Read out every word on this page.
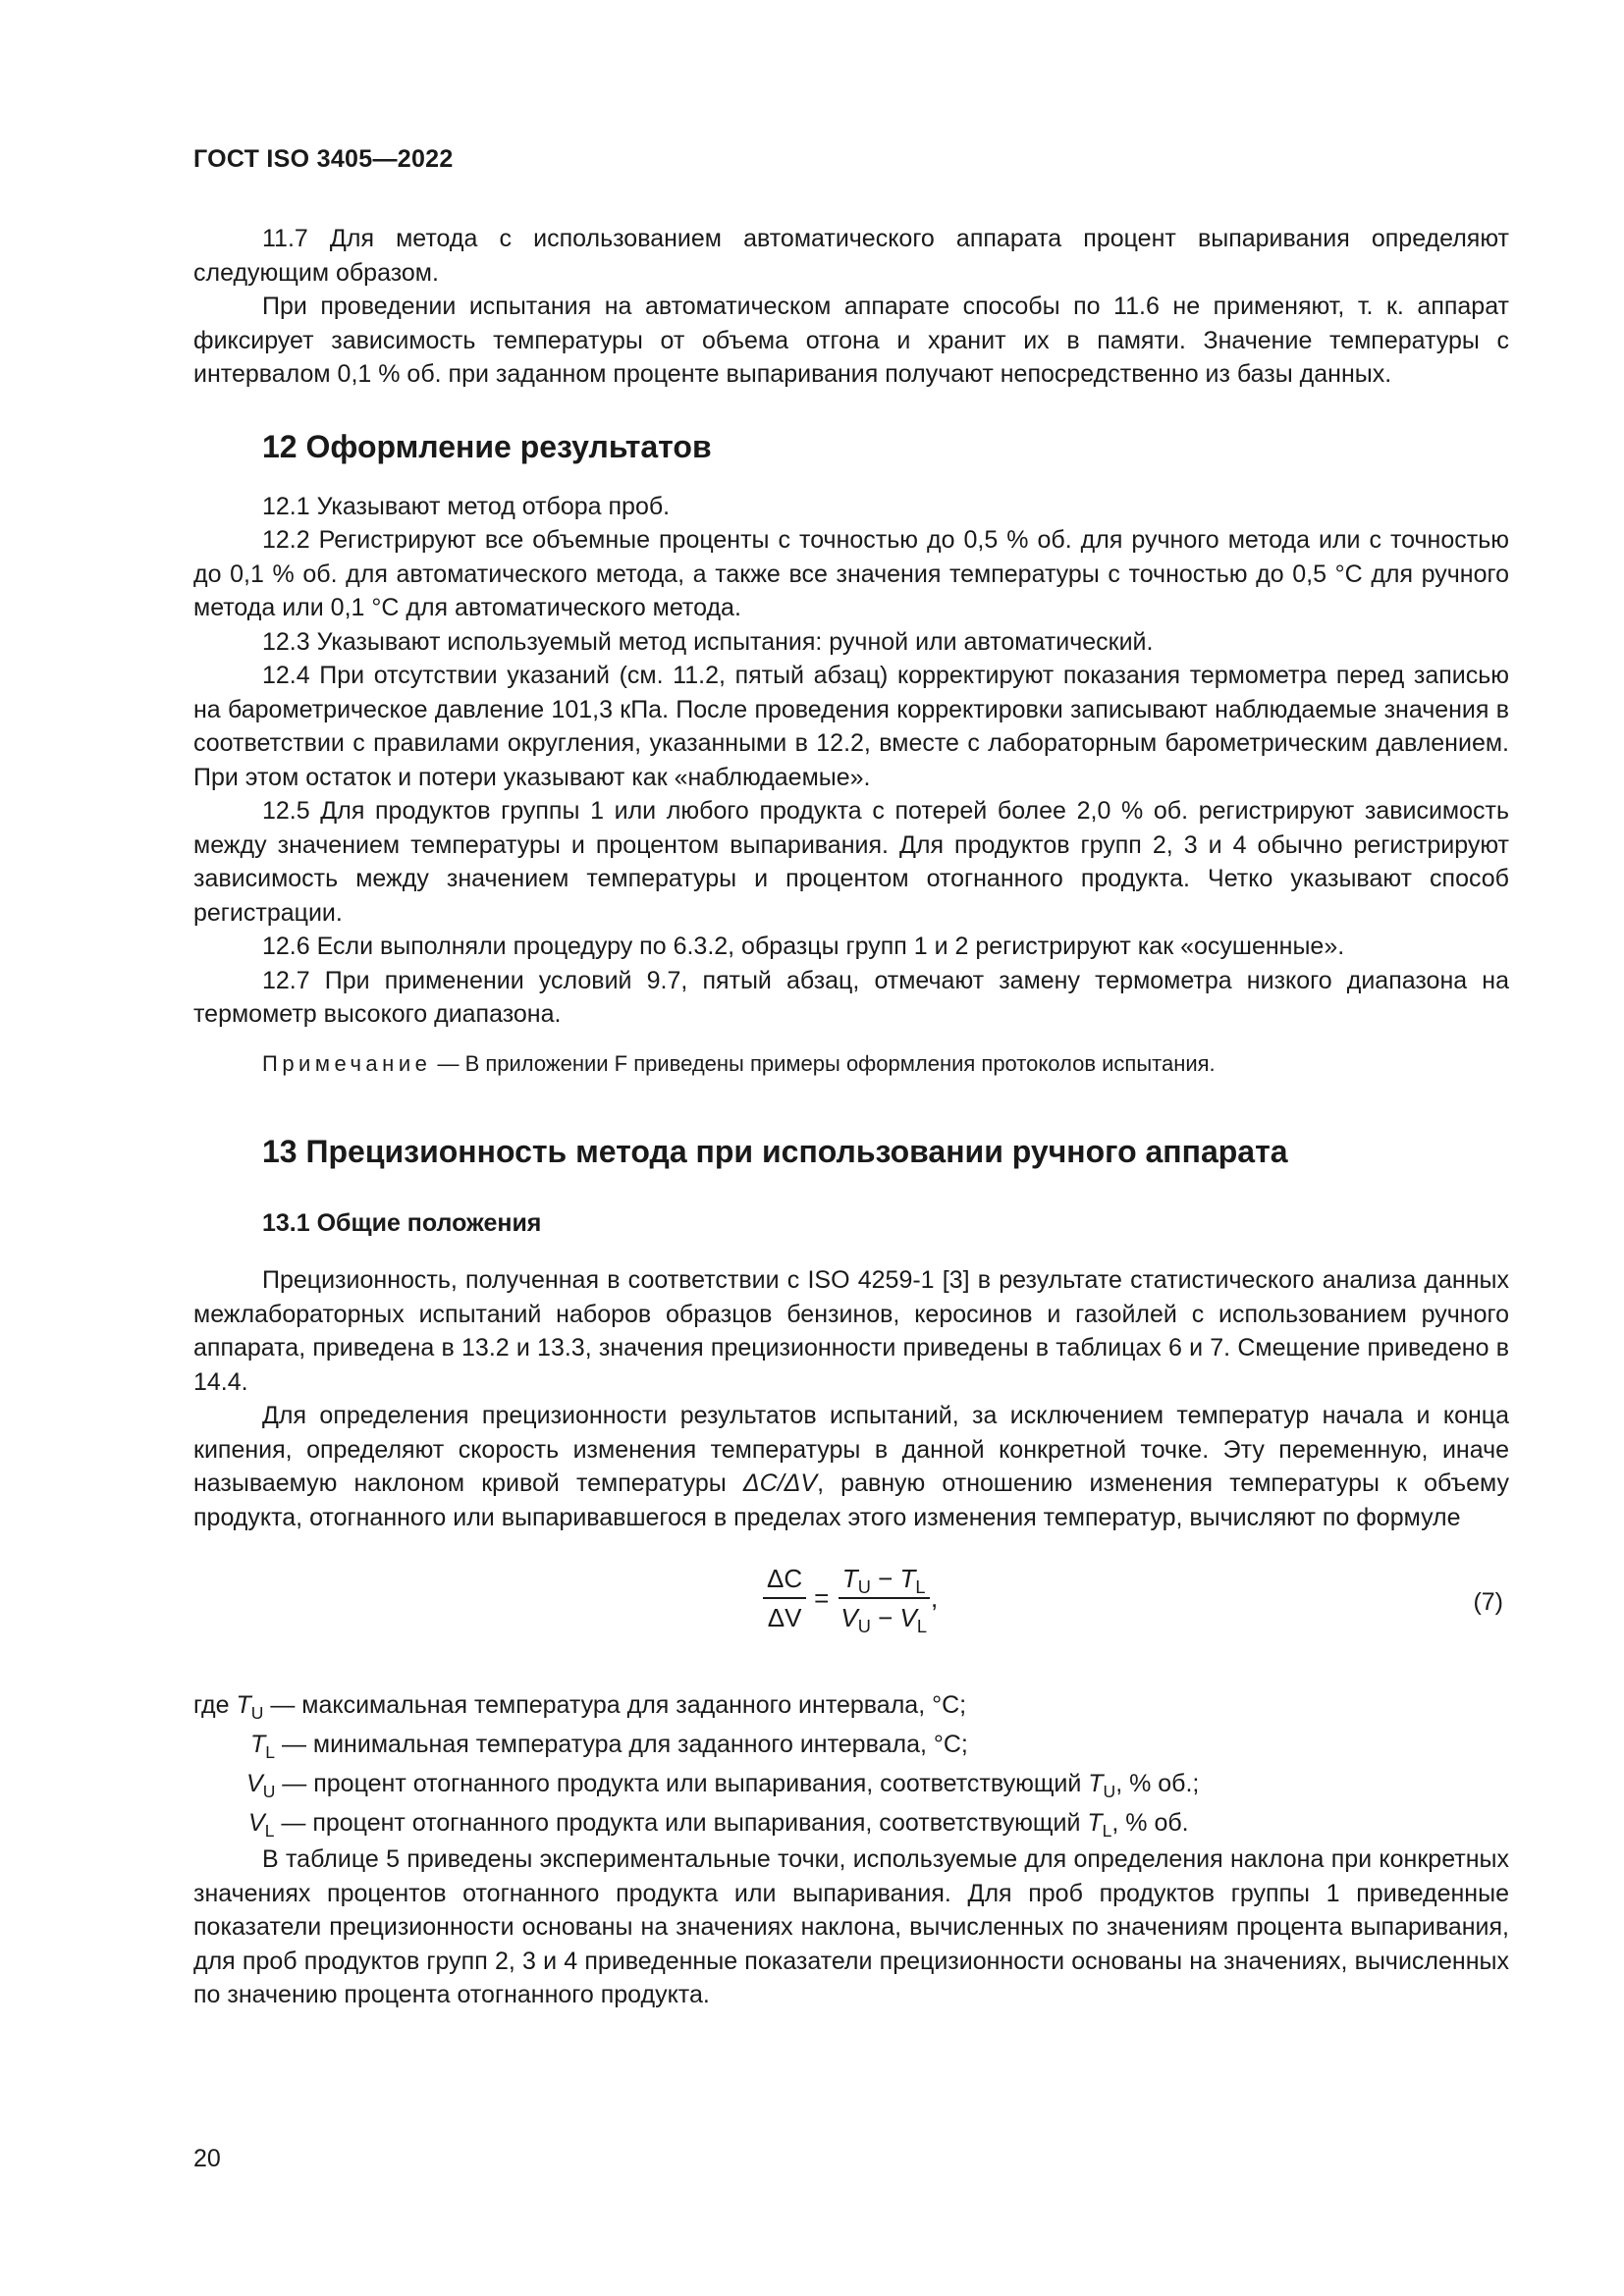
ГОСТ ISO 3405—2022

11.7 Для метода с использованием автоматического аппарата процент выпаривания определяют следующим образом.

При проведении испытания на автоматическом аппарате способы по 11.6 не применяют, т. к. аппарат фиксирует зависимость температуры от объема отгона и хранит их в памяти. Значение температуры с интервалом 0,1 % об. при заданном проценте выпаривания получают непосредственно из базы данных.

12 Оформление результатов

12.1 Указывают метод отбора проб.

12.2 Регистрируют все объемные проценты с точностью до 0,5 % об. для ручного метода или с точностью до 0,1 % об. для автоматического метода, а также все значения температуры с точностью до 0,5 °С для ручного метода или 0,1 °С для автоматического метода.

12.3 Указывают используемый метод испытания: ручной или автоматический.

12.4 При отсутствии указаний (см. 11.2, пятый абзац) корректируют показания термометра перед записью на барометрическое давление 101,3 кПа. После проведения корректировки записывают наблюдаемые значения в соответствии с правилами округления, указанными в 12.2, вместе с лабораторным барометрическим давлением. При этом остаток и потери указывают как «наблюдаемые».

12.5 Для продуктов группы 1 или любого продукта с потерей более 2,0 % об. регистрируют зависимость между значением температуры и процентом выпаривания. Для продуктов групп 2, 3 и 4 обычно регистрируют зависимость между значением температуры и процентом отогнанного продукта. Четко указывают способ регистрации.

12.6 Если выполняли процедуру по 6.3.2, образцы групп 1 и 2 регистрируют как «осушенные».

12.7 При применении условий 9.7, пятый абзац, отмечают замену термометра низкого диапазона на термометр высокого диапазона.

Примечание — В приложении F приведены примеры оформления протоколов испытания.

13 Прецизионность метода при использовании ручного аппарата
13.1 Общие положения

Прецизионность, полученная в соответствии с ISO 4259-1 [3] в результате статистического анализа данных межлабораторных испытаний наборов образцов бензинов, керосинов и газойлей с использованием ручного аппарата, приведена в 13.2 и 13.3, значения прецизионности приведены в таблицах 6 и 7. Смещение приведено в 14.4.

Для определения прецизионности результатов испытаний, за исключением температур начала и конца кипения, определяют скорость изменения температуры в данной конкретной точке. Эту переменную, иначе называемую наклоном кривой температуры ΔС/ΔV, равную отношению изменения температуры к объему продукта, отогнанного или выпаривавшегося в пределах этого изменения температур, вычисляют по формуле

$\frac{\Delta C}{\Delta V} = \frac{T_U - T_L}{V_U - V_L}$ ,	(7)

где $T_U$ — максимальная температура для заданного интервала, °С;

$T_L$ — минимальная температура для заданного интервала, °С;

$V_U$ — процент отогнанного продукта или выпаривания, соответствующий $T_U$, % об.;

$V_L$ — процент отогнанного продукта или выпаривания, соответствующий $T_L$, % об.

В таблице 5 приведены экспериментальные точки, используемые для определения наклона при конкретных значениях процентов отогнанного продукта или выпаривания. Для проб продуктов группы 1 приведенные показатели прецизионности основаны на значениях наклона, вычисленных по значениям процента выпаривания, для проб продуктов групп 2, 3 и 4 приведенные показатели прецизионности основаны на значениях, вычисленных по значению процента отогнанного продукта.

20
